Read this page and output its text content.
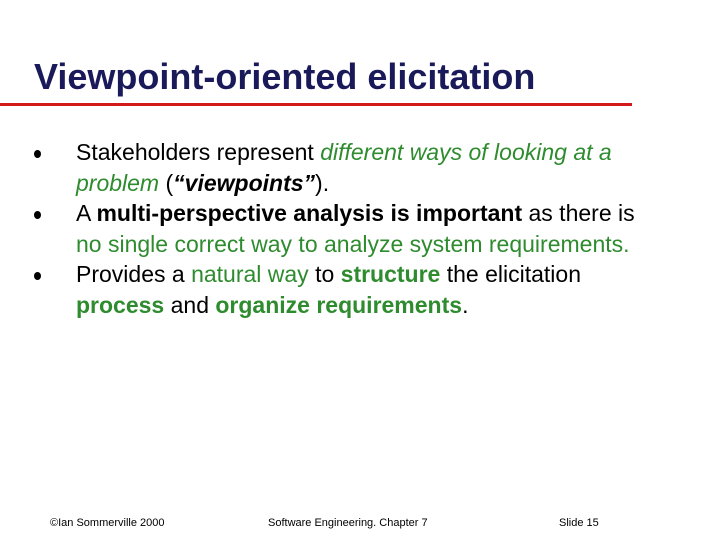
Viewpoint-oriented elicitation
Stakeholders represent different ways of looking at a problem (“viewpoints”).
A multi-perspective analysis is important as there is no single correct way to analyze system requirements.
Provides a natural way to structure the elicitation process and organize requirements.
©Ian Sommerville 2000	Software Engineering. Chapter 7	Slide 15
